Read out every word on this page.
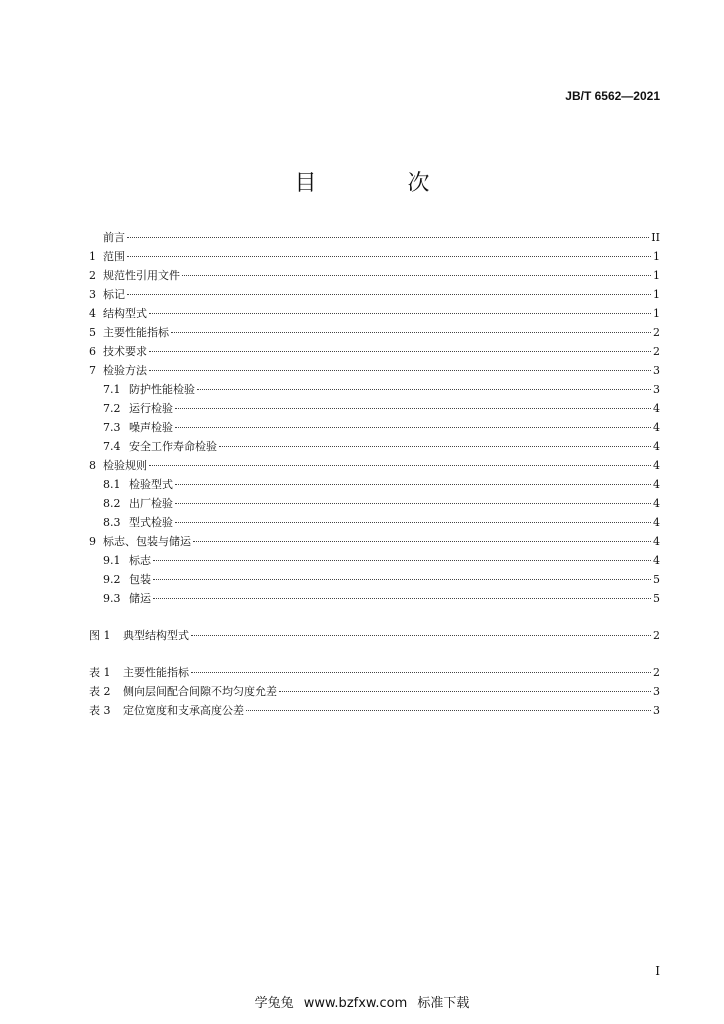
JB/T 6562—2021
目 次
前言	II
1 范围	1
2 规范性引用文件	1
3 标记	1
4 结构型式	1
5 主要性能指标	2
6 技术要求	2
7 检验方法	3
7.1 防护性能检验	3
7.2 运行检验	4
7.3 噪声检验	4
7.4 安全工作寿命检验	4
8 检验规则	4
8.1 检验型式	4
8.2 出厂检验	4
8.3 型式检验	4
9 标志、包装与储运	4
9.1 标志	4
9.2 包装	5
9.3 储运	5
图 1 典型结构型式	2
表 1 主要性能指标	2
表 2 侧向层间配合间隙不均匀度允差	3
表 3 定位宽度和支承高度公差	3
I
学兔兔 www.bzfxw.com 标准下载
